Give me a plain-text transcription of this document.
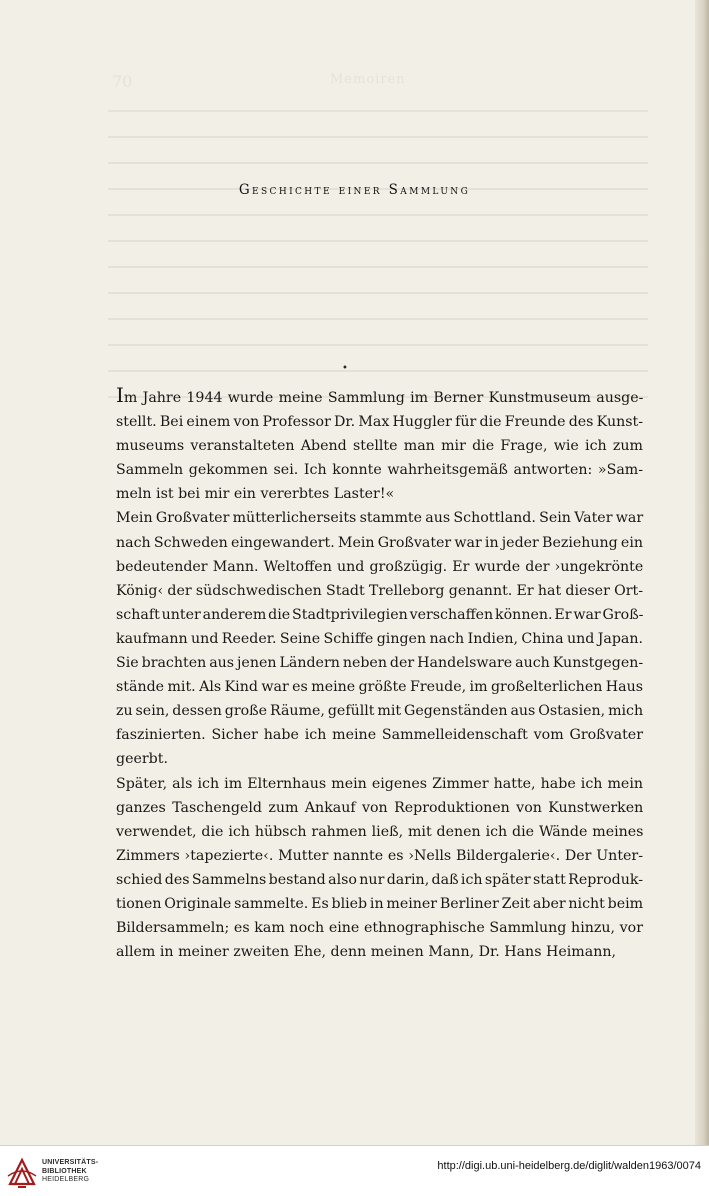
70	Memoiren
Geschichte einer Sammlung
•
Im Jahre 1944 wurde meine Sammlung im Berner Kunstmuseum ausge-
stellt. Bei einem von Professor Dr. Max Huggler für die Freunde des Kunst-
museums veranstalteten Abend stellte man mir die Frage, wie ich zum
Sammeln gekommen sei. Ich konnte wahrheitsgemäß antworten: »Sam-
meln ist bei mir ein vererbtes Laster!«
Mein Großvater mütterlicherseits stammte aus Schottland. Sein Vater war
nach Schweden eingewandert. Mein Großvater war in jeder Beziehung ein
bedeutender Mann. Weltoffen und großzügig. Er wurde der ›ungekrönte
König‹ der südschwedischen Stadt Trelleborg genannt. Er hat dieser Ort-
schaft unter anderem die Stadtprivilegien verschaffen können. Er war Groß-
kaufmann und Reeder. Seine Schiffe gingen nach Indien, China und Japan.
Sie brachten aus jenen Ländern neben der Handelsware auch Kunstgegen-
stände mit. Als Kind war es meine größte Freude, im großelterlichen Haus
zu sein, dessen große Räume, gefüllt mit Gegenständen aus Ostasien, mich
faszinierten. Sicher habe ich meine Sammelleidenschaft vom Großvater
geerbt.
Später, als ich im Elternhaus mein eigenes Zimmer hatte, habe ich mein
ganzes Taschengeld zum Ankauf von Reproduktionen von Kunstwerken
verwendet, die ich hübsch rahmen ließ, mit denen ich die Wände meines
Zimmers ›tapezierte‹. Mutter nannte es ›Nells Bildergalerie‹. Der Unter-
schied des Sammelns bestand also nur darin, daß ich später statt Reproduk-
tionen Originale sammelte. Es blieb in meiner Berliner Zeit aber nicht beim
Bildersammeln; es kam noch eine ethnographische Sammlung hinzu, vor
allem in meiner zweiten Ehe, denn meinen Mann, Dr. Hans Heimann,
UNIVERSITÄTS-
BIBLIOTHEK
HEIDELBERG
http://digi.ub.uni-heidelberg.de/diglit/walden1963/0074
